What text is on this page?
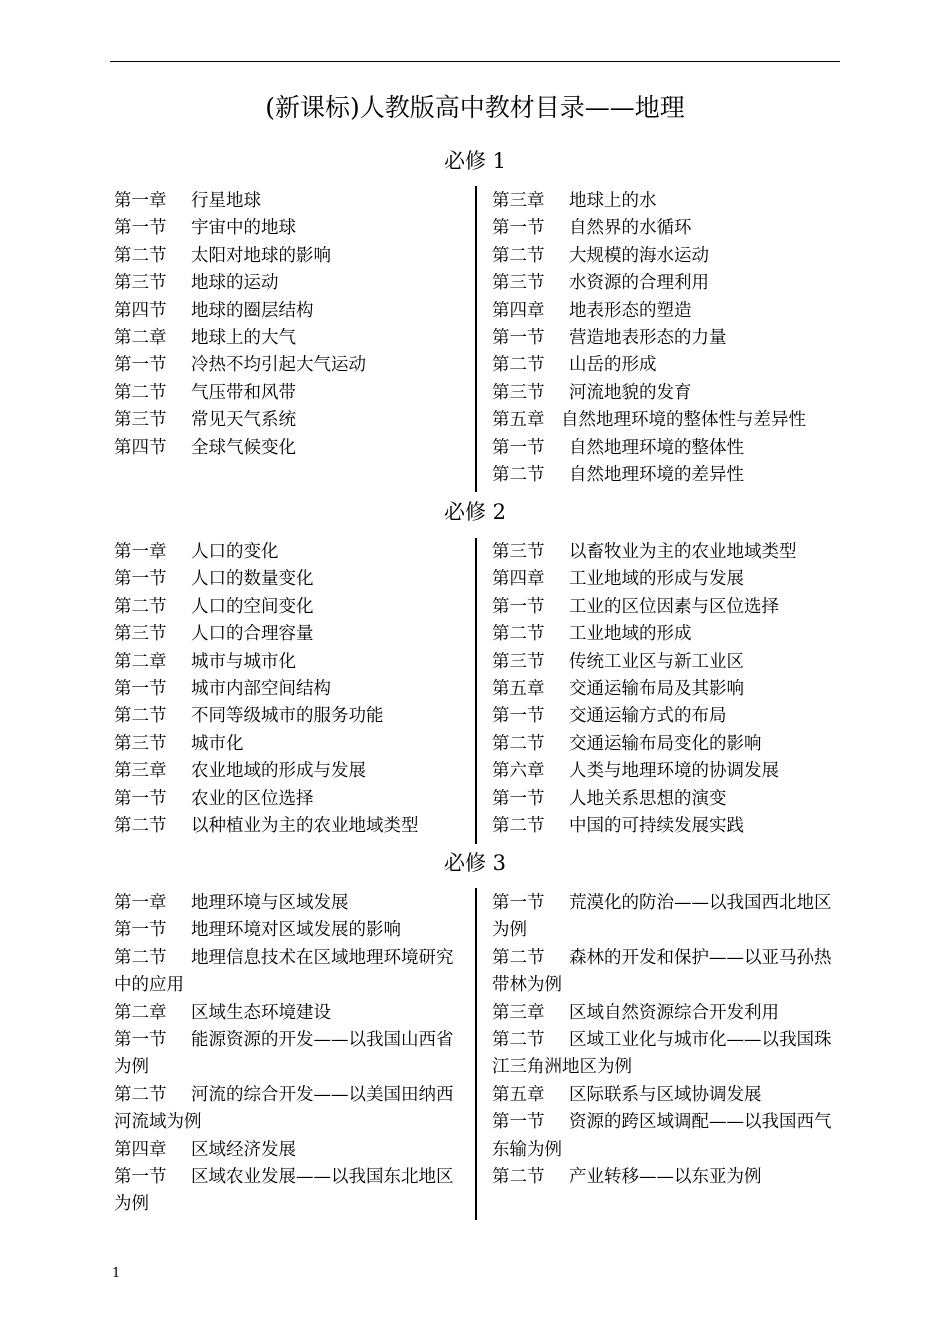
(新课标)人教版高中教材目录——地理
必修 1
第一章	行星地球
第一节	宇宙中的地球
第二节	太阳对地球的影响
第三节	地球的运动
第四节	地球的圈层结构
第二章	地球上的大气
第一节	冷热不均引起大气运动
第二节	气压带和风带
第三节	常见天气系统
第四节	全球气候变化
第三章	地球上的水
第一节	自然界的水循环
第二节	大规模的海水运动
第三节	水资源的合理利用
第四章	地表形态的塑造
第一节	营造地表形态的力量
第二节	山岳的形成
第三节	河流地貌的发育
第五章 自然地理环境的整体性与差异性
第一节	自然地理环境的整体性
第二节	自然地理环境的差异性
必修 2
第一章	人口的变化
第一节	人口的数量变化
第二节	人口的空间变化
第三节	人口的合理容量
第二章	城市与城市化
第一节	城市内部空间结构
第二节	不同等级城市的服务功能
第三节	城市化
第三章	农业地域的形成与发展
第一节	农业的区位选择
第二节	以种植业为主的农业地域类型
第三节	以畜牧业为主的农业地域类型
第四章	工业地域的形成与发展
第一节	工业的区位因素与区位选择
第二节	工业地域的形成
第三节	传统工业区与新工业区
第五章	交通运输布局及其影响
第一节	交通运输方式的布局
第二节	交通运输布局变化的影响
第六章	人类与地理环境的协调发展
第一节	人地关系思想的演变
第二节	中国的可持续发展实践
必修 3
第一章 地理环境与区域发展
第一节 地理环境对区域发展的影响
第二节 地理信息技术在区域地理环境研究中的应用
第二章 区域生态环境建设
第一节 能源资源的开发——以我国山西省为例
第二节 河流的综合开发——以美国田纳西河流域为例
第四章 区域经济发展
第一节 区域农业发展——以我国东北地区为例
第一节 荒漠化的防治——以我国西北地区为例
第二节 森林的开发和保护——以亚马孙热带林为例
第三章 区域自然资源综合开发利用
第二节 区域工业化与城市化——以我国珠江三角洲地区为例
第五章 区际联系与区域协调发展
第一节 资源的跨区域调配——以我国西气东输为例
第二节 产业转移——以东亚为例
1
